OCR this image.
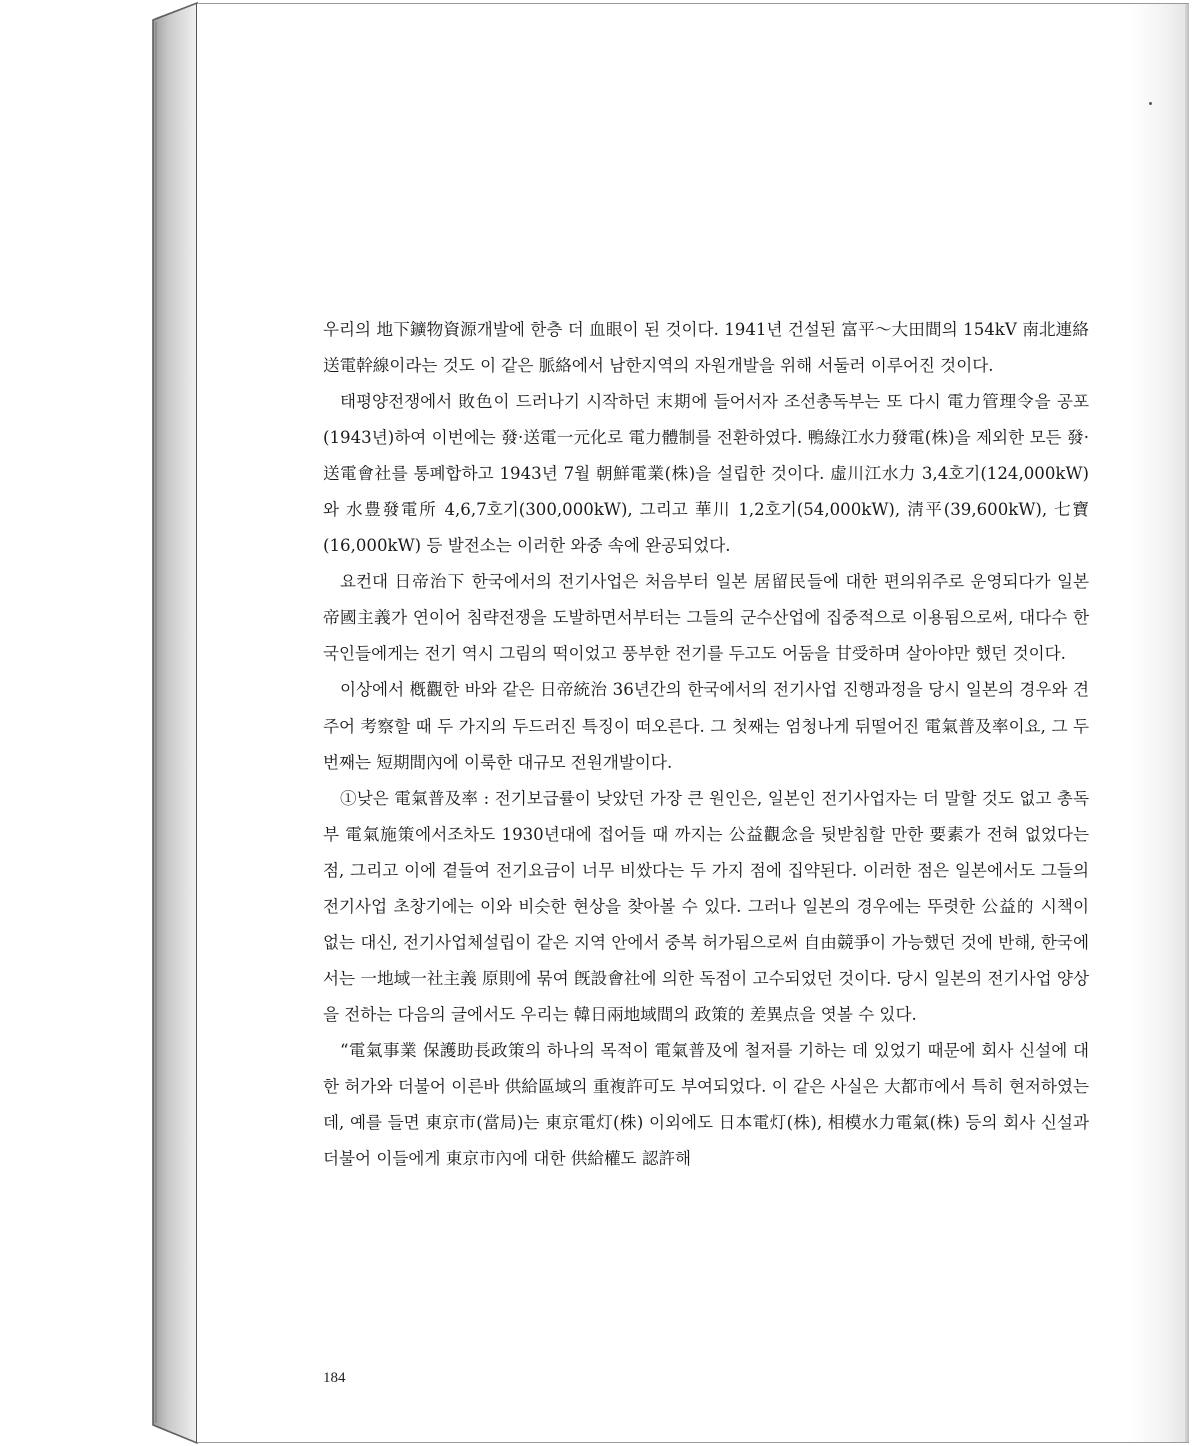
우리의 地下鑛物資源개발에 한층 더 血眼이 된 것이다. 1941년 건설된 富平～大田間의 154kV 南北連絡送電幹線이라는 것도 이 같은 脈絡에서 남한지역의 자원개발을 위해 서둘러 이루어진 것이다.

태평양전쟁에서 敗色이 드러나기 시작하던 末期에 들어서자 조선총독부는 또 다시 電力管理令을 공포(1943년)하여 이번에는 發·送電一元化로 電力體制를 전환하였다. 鴨綠江水力發電(株)을 제외한 모든 發·送電會社를 통폐합하고 1943년 7월 朝鮮電業(株)을 설립한 것이다. 虛川江水力 3,4호기(124,000kW)와 水豊發電所 4,6,7호기(300,000kW), 그리고 華川 1,2호기(54,000kW), 淸平(39,600kW), 七寶(16,000kW) 등 발전소는 이러한 와중 속에 완공되었다.

요컨대 日帝治下 한국에서의 전기사업은 처음부터 일본 居留民들에 대한 편의위주로 운영되다가 일본 帝國主義가 연이어 침략전쟁을 도발하면서부터는 그들의 군수산업에 집중적으로 이용됨으로써, 대다수 한국인들에게는 전기 역시 그림의 떡이었고 풍부한 전기를 두고도 어둠을 甘受하며 살아야만 했던 것이다.

이상에서 槪觀한 바와 같은 日帝統治 36년간의 한국에서의 전기사업 진행과정을 당시 일본의 경우와 견주어 考察할 때 두 가지의 두드러진 특징이 떠오른다. 그 첫째는 엄청나게 뒤떨어진 電氣普及率이요, 그 두번째는 短期間內에 이룩한 대규모 전원개발이다.

①낮은 電氣普及率 : 전기보급률이 낮았던 가장 큰 원인은, 일본인 전기사업자는 더 말할 것도 없고 총독부 電氣施策에서조차도 1930년대에 접어들 때 까지는 公益觀念을 뒷받침할 만한 要素가 전혀 없었다는 점, 그리고 이에 곁들여 전기요금이 너무 비쌌다는 두 가지 점에 집약된다. 이러한 점은 일본에서도 그들의 전기사업 초창기에는 이와 비슷한 현상을 찾아볼 수 있다. 그러나 일본의 경우에는 뚜렷한 公益的 시책이 없는 대신, 전기사업체설립이 같은 지역 안에서 중복 허가됨으로써 自由競爭이 가능했던 것에 반해, 한국에서는 一地域一社主義 原則에 묶여 旣設會社에 의한 독점이 고수되었던 것이다. 당시 일본의 전기사업 양상을 전하는 다음의 글에서도 우리는 韓日兩地域間의 政策的 差異点을 엿볼 수 있다.

“電氣事業 保護助長政策의 하나의 목적이 電氣普及에 철저를 기하는 데 있었기 때문에 회사 신설에 대한 허가와 더불어 이른바 供給區域의 重複許可도 부여되었다. 이 같은 사실은 大都市에서 특히 현저하였는데, 예를 들면 東京市(當局)는 東京電灯(株) 이외에도 日本電灯(株), 相模水力電氣(株) 등의 회사 신설과 더불어 이들에게 東京市內에 대한 供給權도 認許해

184
